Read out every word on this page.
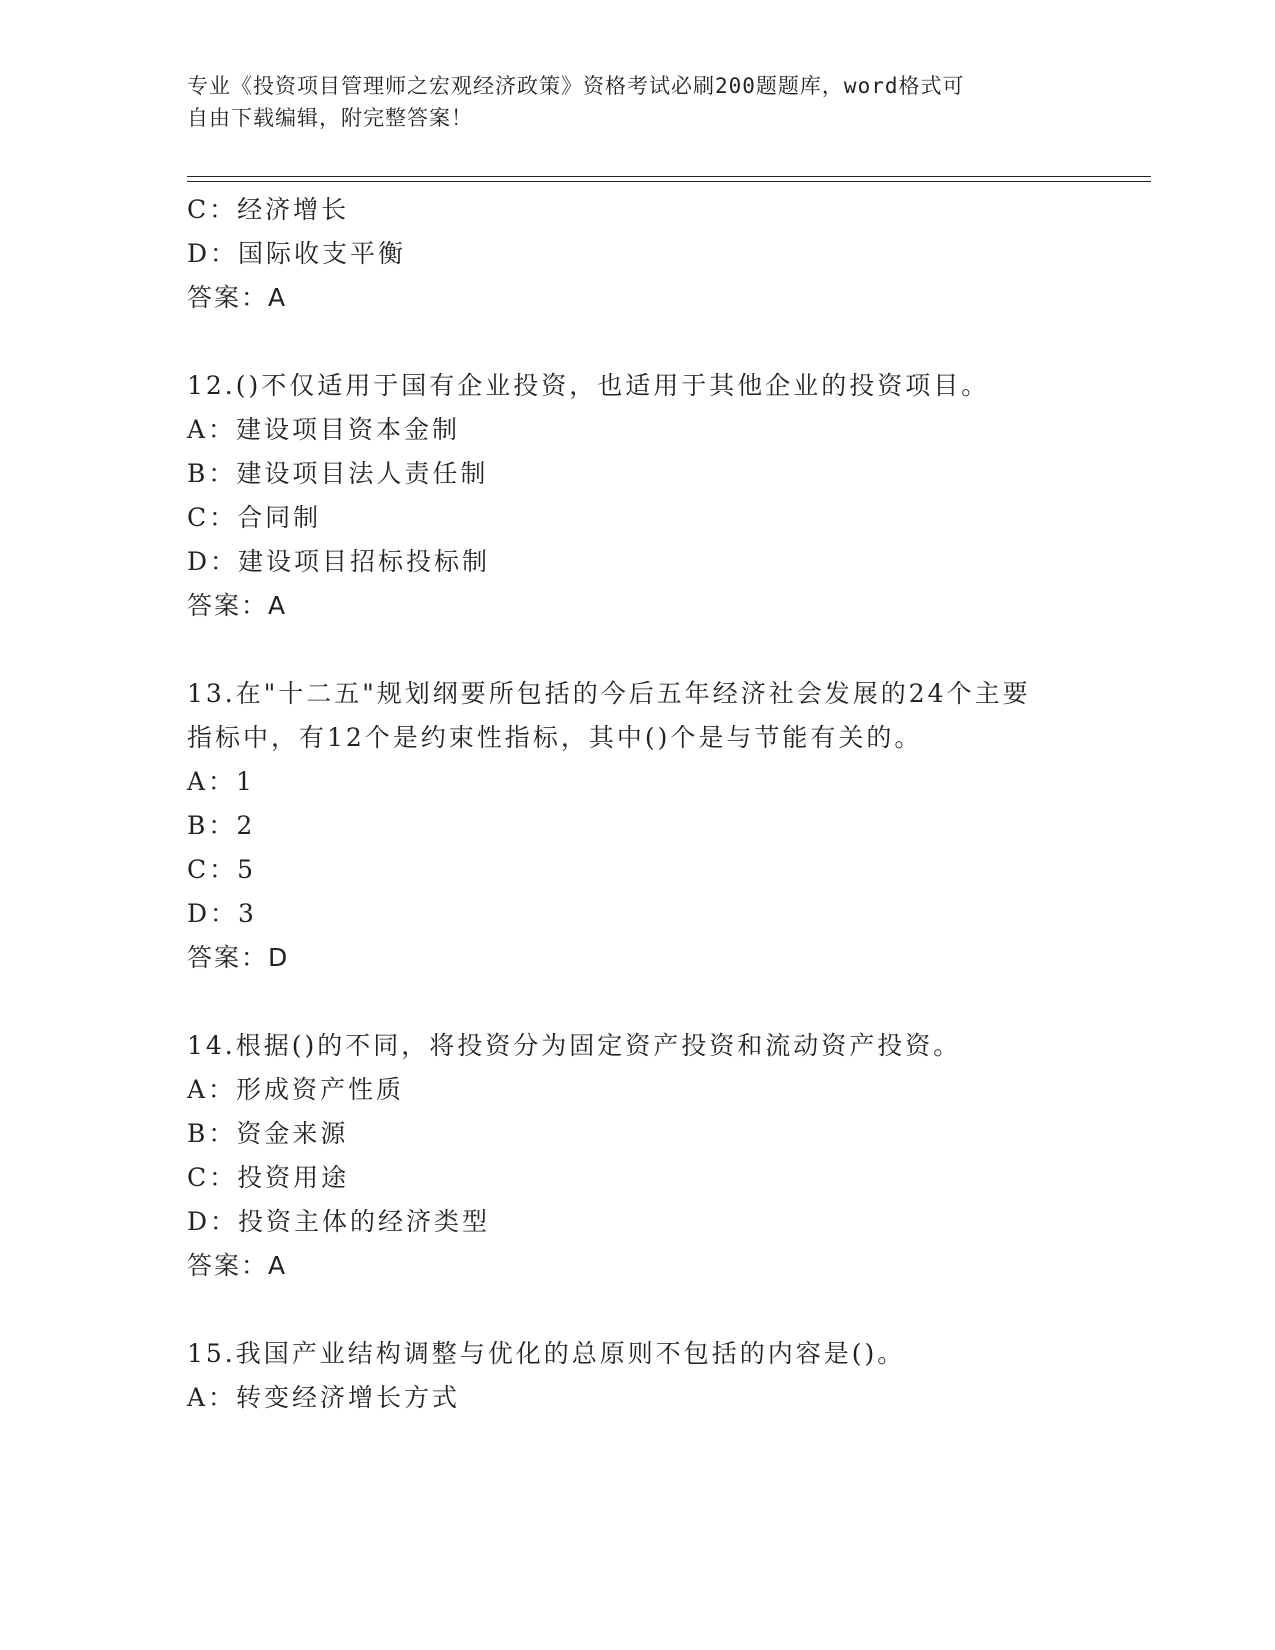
专业《投资项目管理师之宏观经济政策》资格考试必刷200题题库，word格式可
自由下载编辑，附完整答案！
C：经济增长
D：国际收支平衡
答案：A
12.()不仅适用于国有企业投资，也适用于其他企业的投资项目。
A：建设项目资本金制
B：建设项目法人责任制
C：合同制
D：建设项目招标投标制
答案：A
13.在"十二五"规划纲要所包括的今后五年经济社会发展的24个主要
指标中，有12个是约束性指标，其中()个是与节能有关的。
A：1
B：2
C：5
D：3
答案：D
14.根据()的不同，将投资分为固定资产投资和流动资产投资。
A：形成资产性质
B：资金来源
C：投资用途
D：投资主体的经济类型
答案：A
15.我国产业结构调整与优化的总原则不包括的内容是()。
A：转变经济增长方式
